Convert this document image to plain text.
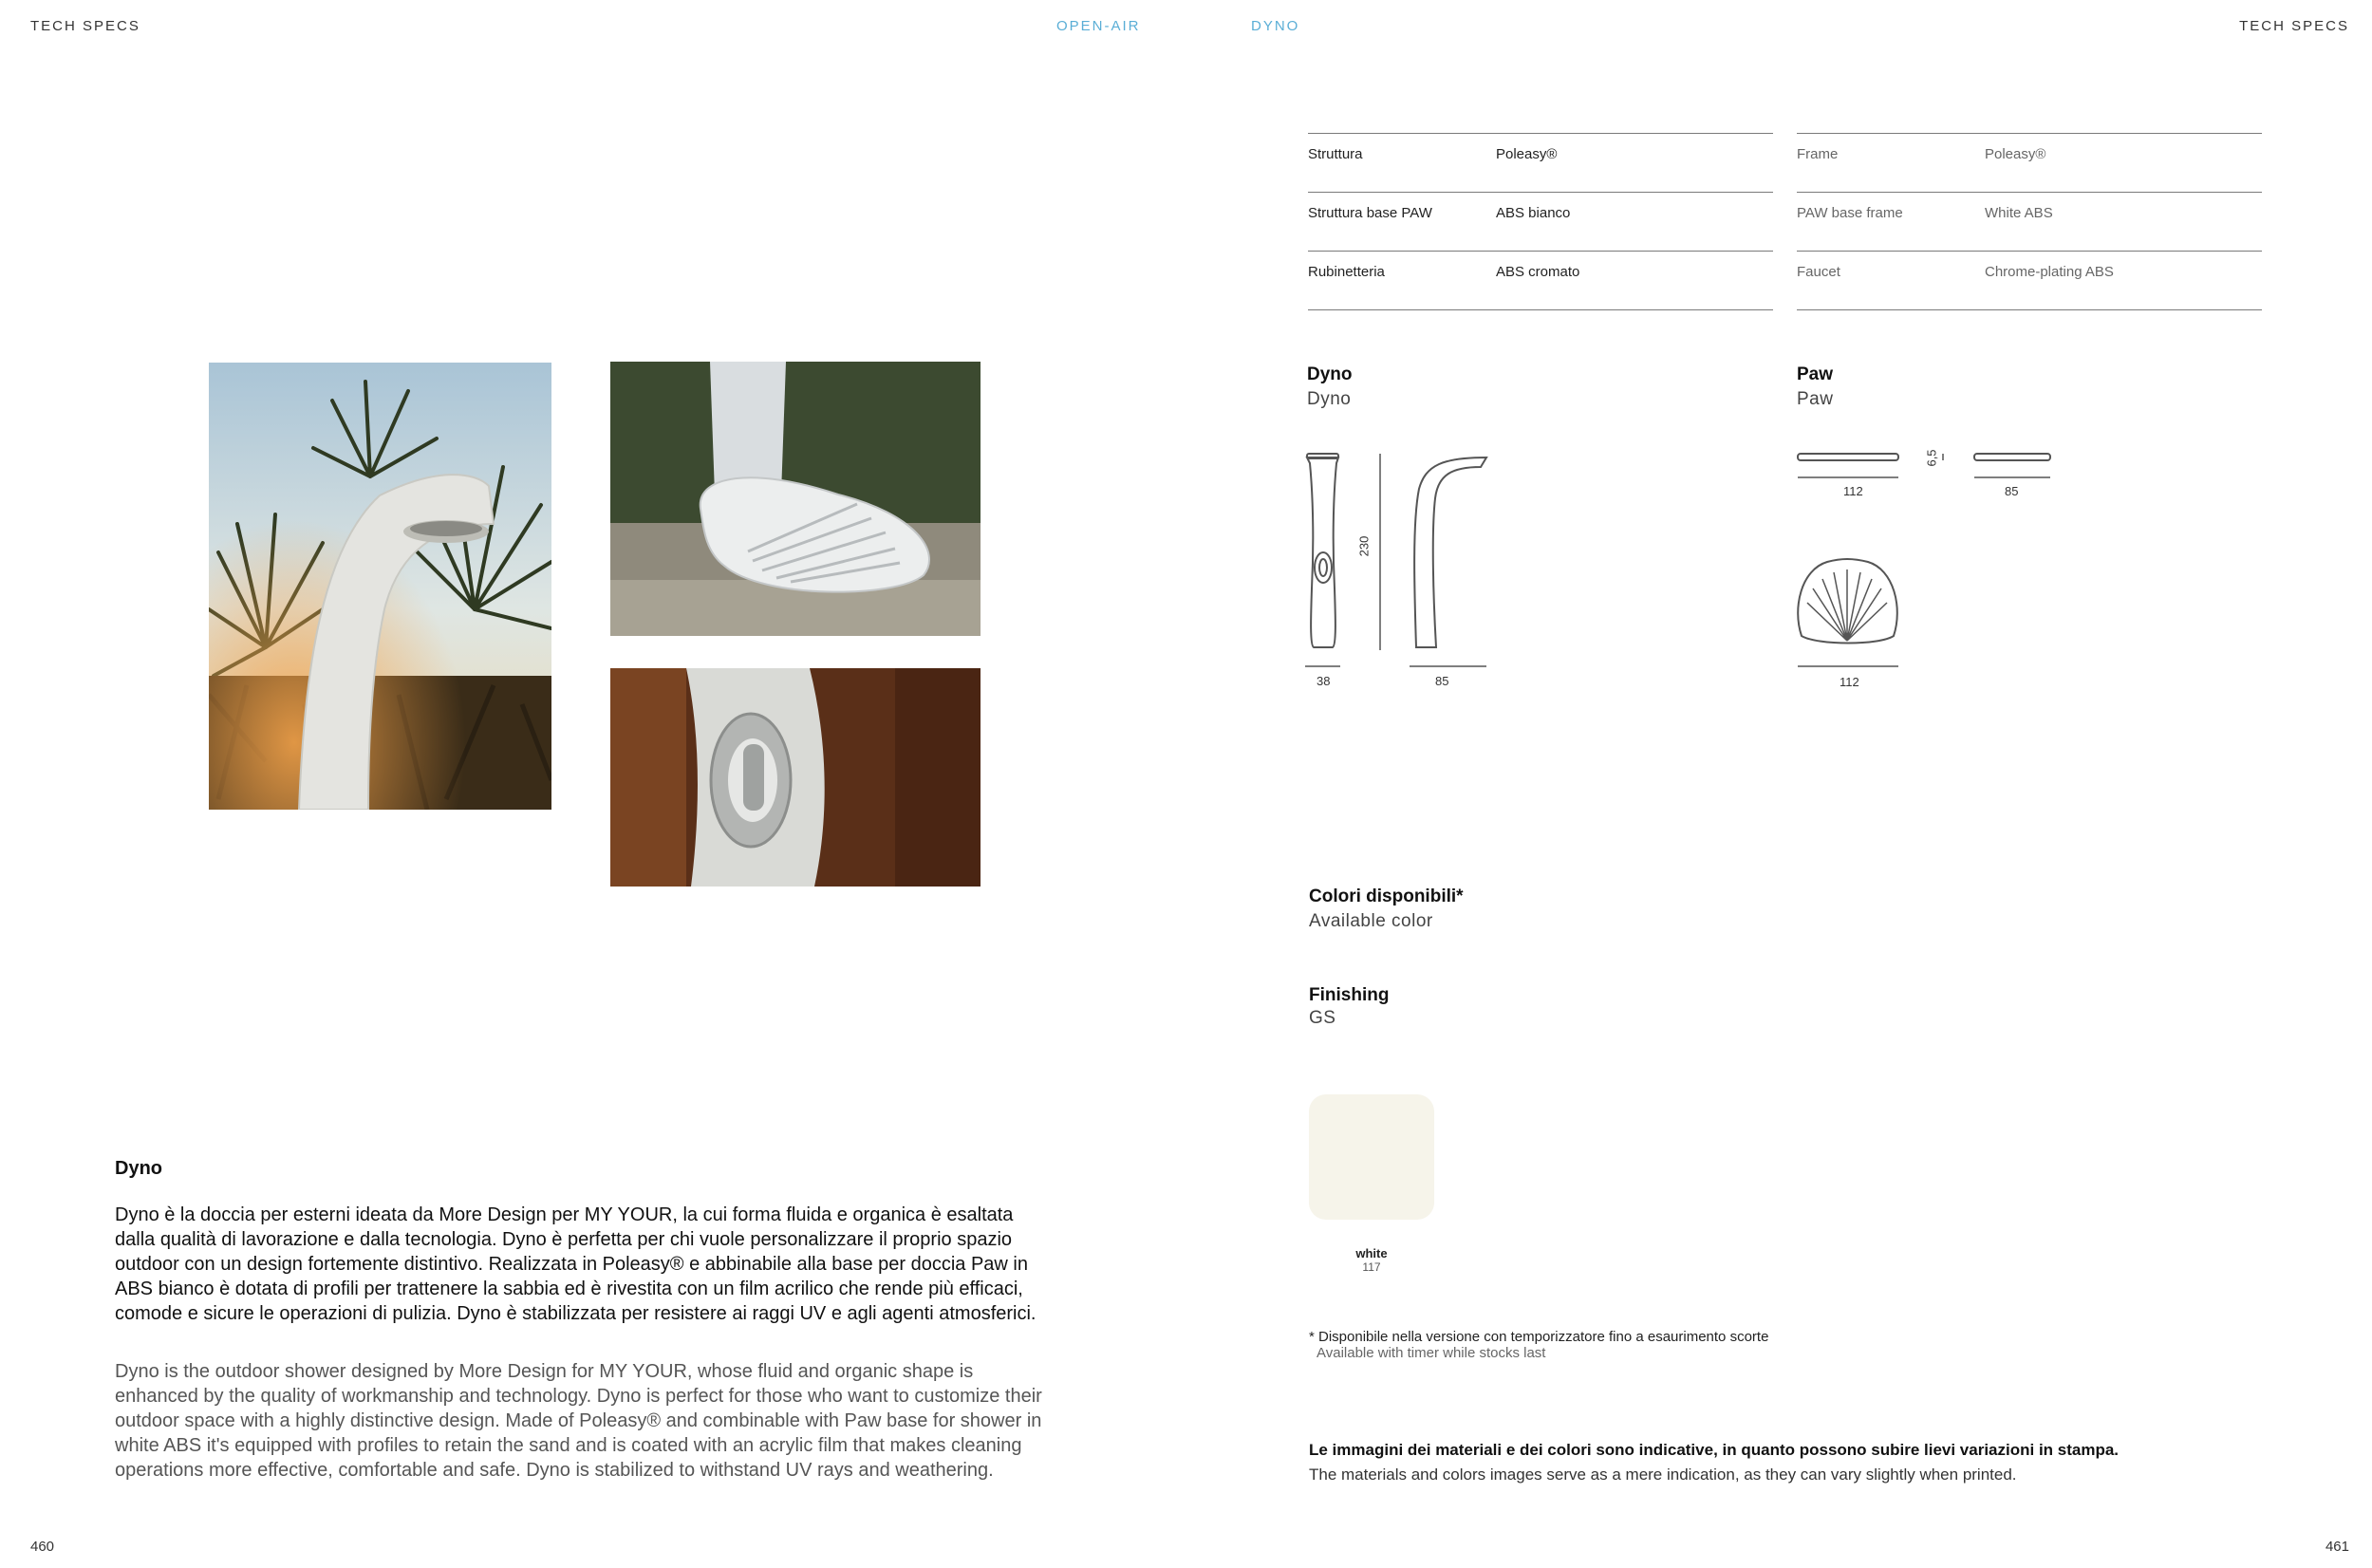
TECH SPECS	OPEN-AIR	DYNO	TECH SPECS
Dyno
Dyno è la doccia per esterni ideata da More Design per MY YOUR, la cui forma fluida e organica è esaltata dalla qualità di lavorazione e dalla tecnologia. Dyno è perfetta per chi vuole personalizzare il proprio spazio outdoor con un design fortemente distintivo. Realizzata in Poleasy® e abbinabile alla base per doccia Paw in ABS bianco è dotata di profili per trattenere la sabbia ed è rivestita con un film acrilico che rende più efficaci, comode e sicure le operazioni di pulizia. Dyno è stabilizzata per resistere ai raggi UV e agli agenti atmosferici.
Dyno is the outdoor shower designed by More Design for MY YOUR, whose fluid and organic shape is enhanced by the quality of workmanship and technology. Dyno is perfect for those who want to customize their outdoor space with a highly distinctive design. Made of Poleasy® and combinable with Paw base for shower in white ABS it's equipped with profiles to retain the sand and is coated with an acrylic film that makes cleaning operations more effective, comfortable and safe. Dyno is stabilized to withstand UV rays and weathering.
Struttura	Poleasy®
Struttura base PAW	ABS bianco
Rubinetteria	ABS cromato
Frame	Poleasy®
PAW base frame	White ABS
Faucet	Chrome-plating ABS
Dyno
Dyno
230
38	85
Paw
Paw
112	85
6,5
112
Colori disponibili*
Available color
Finishing
GS
white
117
* Disponibile nella versione con temporizzatore fino a esaurimento scorte
Available with timer while stocks last
Le immagini dei materiali e dei colori sono indicative, in quanto possono subire lievi variazioni in stampa.
The materials and colors images serve as a mere indication, as they can vary slightly when printed.
460	461
